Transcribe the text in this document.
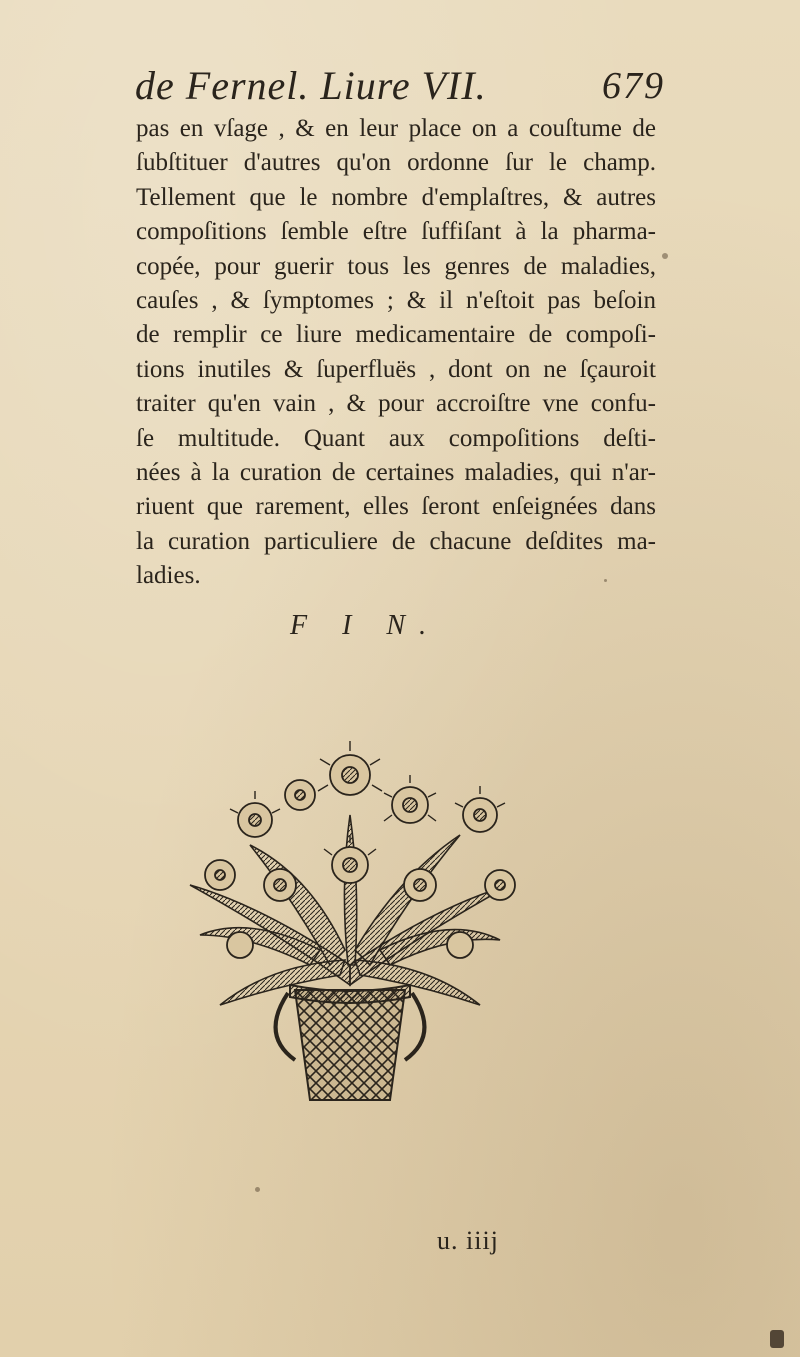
de Fernel. Liure VII.	679
pas en vſage , & en leur place on a couſtume de
ſubſtituer d'autres qu'on ordonne ſur le champ.
Tellement que le nombre d'emplaſtres, & autres
compoſitions ſemble eſtre ſuffiſant à la pharma-
copée, pour guerir tous les genres de maladies,
cauſes , & ſymptomes ; & il n'eſtoit pas beſoin
de remplir ce liure medicamentaire de compoſi-
tions inutiles & ſuperfluës , dont on ne ſçauroit
traiter qu'en vain , & pour accroiſtre vne confu-
ſe multitude. Quant aux compoſitions deſti-
nées à la curation de certaines maladies, qui n'ar-
riuent que rarement, elles ſeront enſeignées dans
la curation particuliere de chacune deſdites ma-
ladies.
F I N.
u. iiij
